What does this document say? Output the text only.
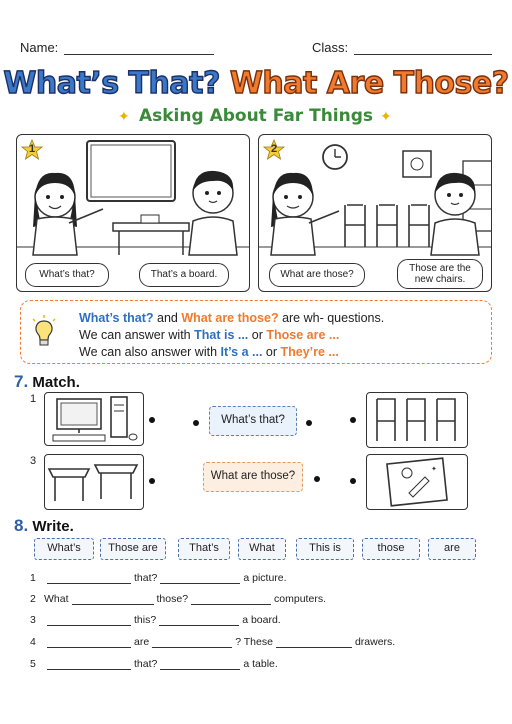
Name:	Class:
What’s That? What Are Those?
✦ Asking About Far Things ✦
1
What’s that?	That’s a board.
2
What are those?
Those are the new chairs.
What’s that? and What are those? are wh- questions.
We can answer with That is ... or Those are ...
We can also answer with It’s a ... or They’re ...
7. Match.
1
What’s that?
3
What are those?
✦
8. Write.
What’s	Those are	That’s	What	This is	those	are
1	that?	a picture.
2 What	those?	computers.
3	this?	a board.
4	are	? These	drawers.
5	that?	a table.
